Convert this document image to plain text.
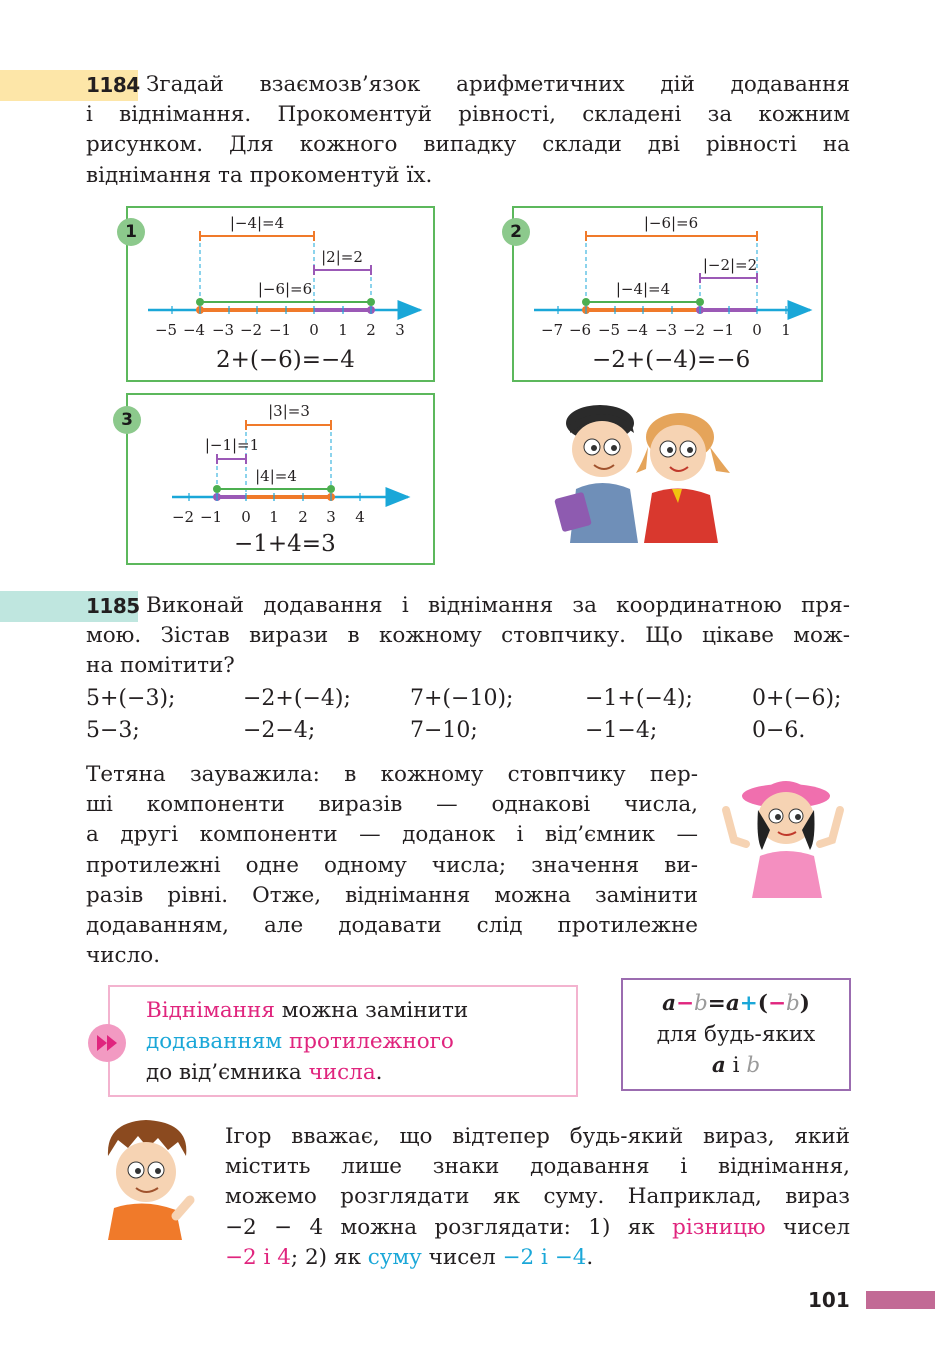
1184 Згадай взаємозв’язок арифметичних дій додавання
і віднімання. Прокоментуй рівності, складені за кожним
рисунком. Для кожного випадку склади дві рівності на
віднімання та прокоментуй їх.
−5 −4 −3 −2 −1 0 1 2 3
|−4|=4
|2|=2
|−6|=6
2+(−6)=−4
1
−7 −6 −5 −4 −3 −2 −1 0 1
|−6|=6
|−2|=2
|−4|=4
−2+(−4)=−6
2
−2 −1 0 1 2 3 4
|3|=3
|−1|=1
|4|=4
−1+4=3
3
1185 Виконай додавання і віднімання за координатною пря-
мою. Зістав вирази в кожному стовпчику. Що цікаве мож-
на помітити?
5+(−3);	−2+(−4);	7+(−10);	−1+(−4);	0+(−6);
5−3;	−2−4;	7−10;	−1−4;	0−6.
Тетяна зауважила: в кожному стовпчику пер-
ші компоненти виразів — однакові числа,
а другі компоненти — доданок і від’ємник —
протилежні одне одному числа; значення ви-
разів рівні. Отже, віднімання можна замінити
додаванням, але додавати слід протилежне
число.
Віднімання можна замінити
додаванням протилежного
до від’ємника числа.
a−b=a+(−b)
для будь-яких
a і b
Ігор вважає, що відтепер будь-який вираз, який
містить лише знаки додавання і віднімання,
можемо розглядати як суму. Наприклад, вираз
−2 − 4 можна розглядати: 1) як різницю чисел
−2 і 4; 2) як суму чисел −2 і −4.
101
